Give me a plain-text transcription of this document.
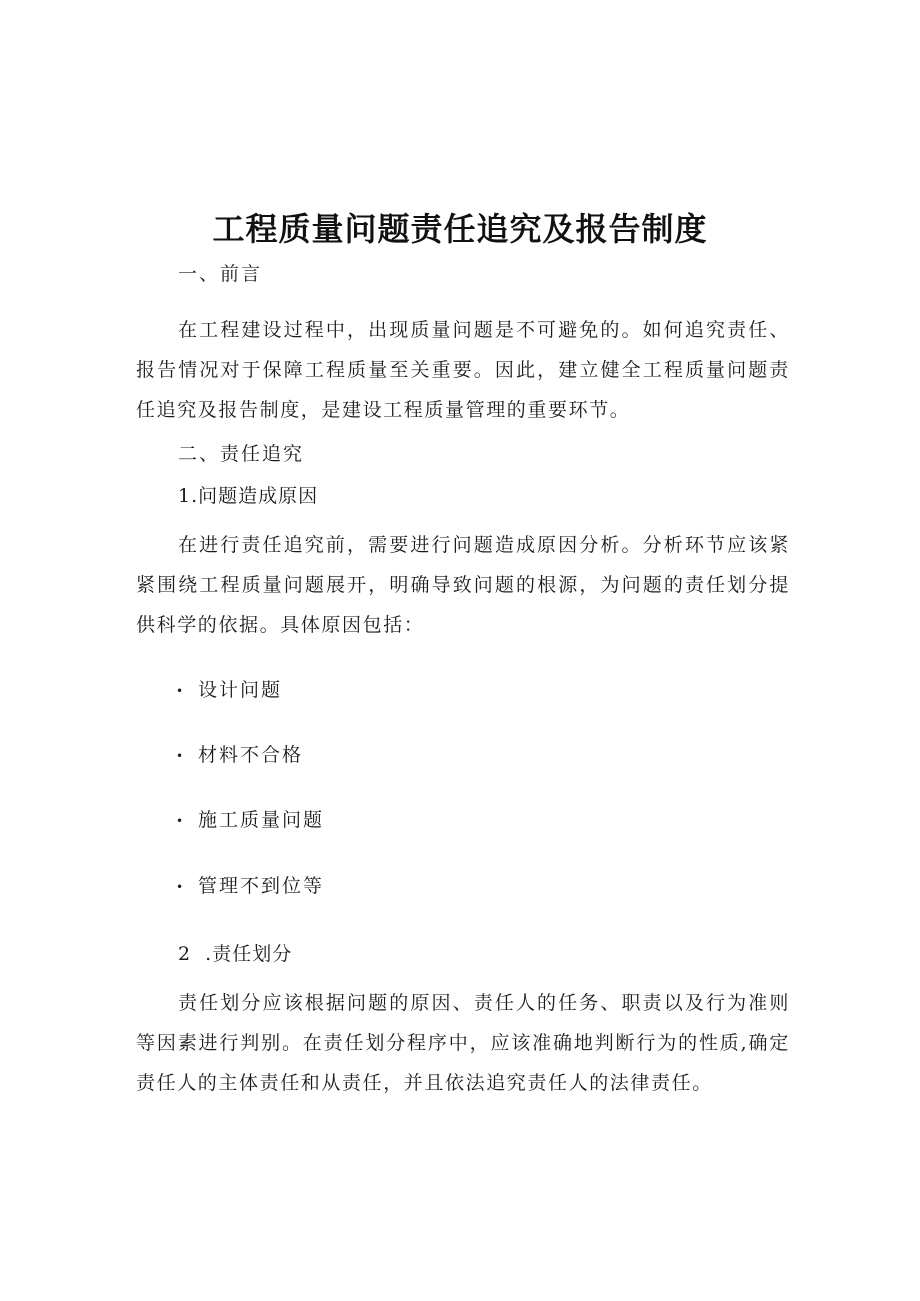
工程质量问题责任追究及报告制度

一、前言

在工程建设过程中，出现质量问题是不可避免的。如何追究责任、报告情况对于保障工程质量至关重要。因此，建立健全工程质量问题责任追究及报告制度，是建设工程质量管理的重要环节。

二、责任追究

1.问题造成原因

在进行责任追究前，需要进行问题造成原因分析。分析环节应该紧紧围绕工程质量问题展开，明确导致问题的根源，为问题的责任划分提供科学的依据。具体原因包括：

• 设计问题

• 材料不合格

• 施工质量问题

• 管理不到位等

2  .责任划分

责任划分应该根据问题的原因、责任人的任务、职责以及行为准则等因素进行判别。在责任划分程序中，应该准确地判断行为的性质,确定责任人的主体责任和从责任，并且依法追究责任人的法律责任。
